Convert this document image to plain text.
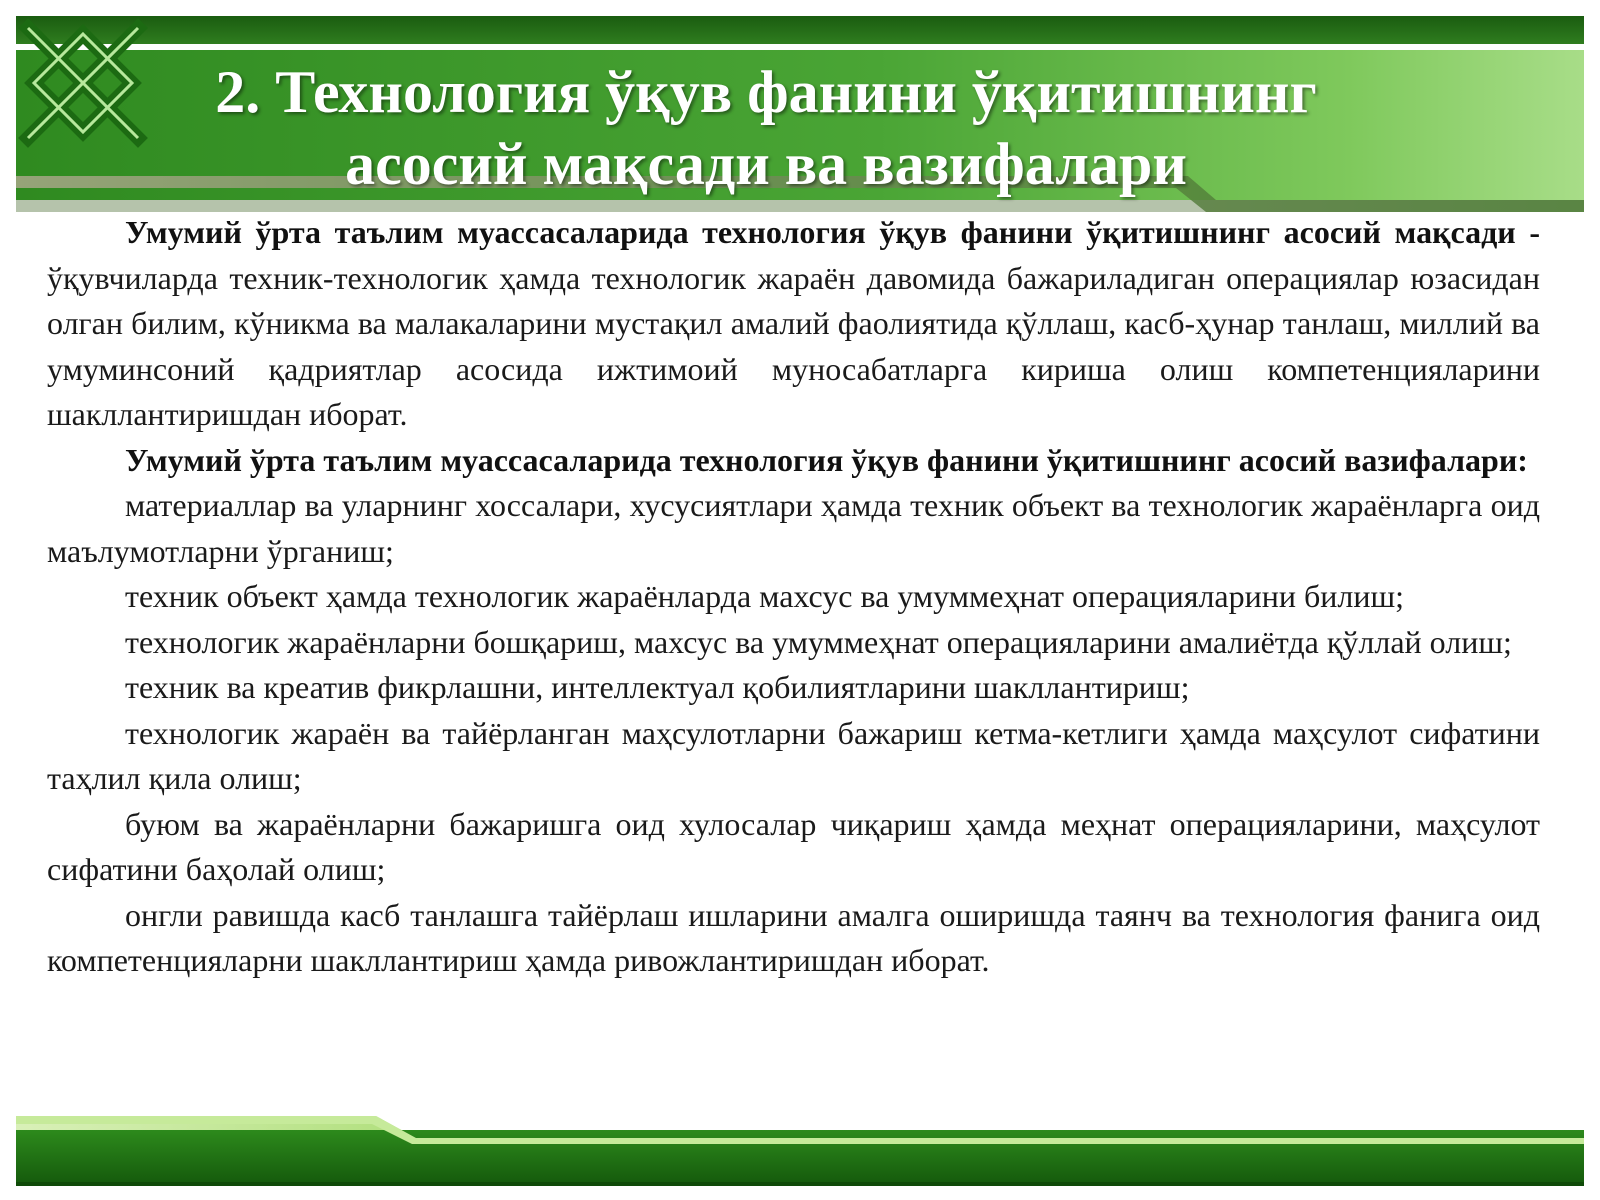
2. Технология ўқув фанини ўқитишнинг
асосий мақсади ва вазифалари

Умумий ўрта таълим муассасаларида технология ўқув фанини ўқитишнинг асосий мақсади - ўқувчиларда техник-технологик ҳамда технологик жараён давомида бажариладиган операциялар юзасидан олган билим, кўникма ва малакаларини мустақил амалий фаолиятида қўллаш, касб-ҳунар танлаш, миллий ва умуминсоний қадриятлар асосида ижтимоий муносабатларга кириша олиш компетенцияларини шакллантиришдан иборат.

Умумий ўрта таълим муассасаларида технология ўқув фанини ўқитишнинг асосий вазифалари:

материаллар ва уларнинг хоссалари, хусусиятлари ҳамда техник объект ва технологик жараёнларга оид маълумотларни ўрганиш;

техник объект ҳамда технологик жараёнларда махсус ва умуммеҳнат операцияларини билиш;

технологик жараёнларни бошқариш, махсус ва умуммеҳнат операцияларини амалиётда қўллай олиш;

техник ва креатив фикрлашни, интеллектуал қобилиятларини шакллантириш;

технологик жараён ва тайёрланган маҳсулотларни бажариш кетма-кетлиги ҳамда маҳсулот сифатини таҳлил қила олиш;

буюм ва жараёнларни бажаришга оид хулосалар чиқариш ҳамда меҳнат операцияларини, маҳсулот сифатини баҳолай олиш;

онгли равишда касб танлашга тайёрлаш ишларини амалга оширишда таянч ва технология фанига оид компетенцияларни шакллантириш ҳамда ривожлантиришдан иборат.
